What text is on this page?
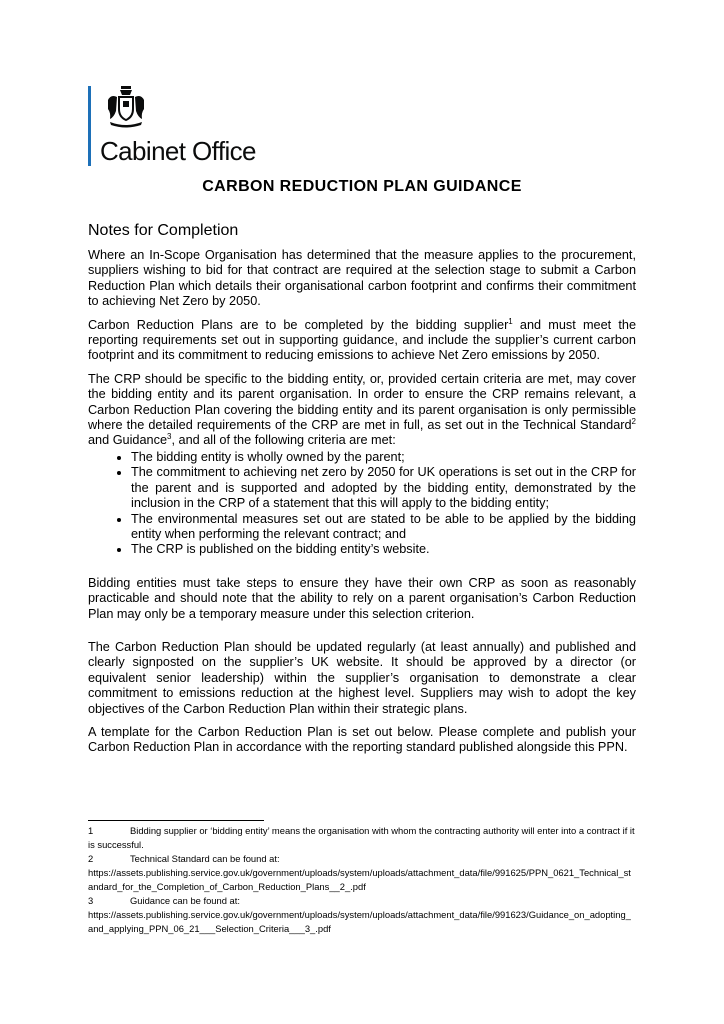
Cabinet Office
CARBON REDUCTION PLAN GUIDANCE
Notes for Completion

Where an In-Scope Organisation has determined that the measure applies to the procurement, suppliers wishing to bid for that contract are required at the selection stage to submit a Carbon Reduction Plan which details their organisational carbon footprint and confirms their commitment to achieving Net Zero by 2050.

Carbon Reduction Plans are to be completed by the bidding supplier$^1$ and must meet the reporting requirements set out in supporting guidance, and include the supplier’s current carbon footprint and its commitment to reducing emissions to achieve Net Zero emissions by 2050.

The CRP should be specific to the bidding entity, or, provided certain criteria are met, may cover the bidding entity and its parent organisation. In order to ensure the CRP remains relevant, a Carbon Reduction Plan covering the bidding entity and its parent organisation is only permissible where the detailed requirements of the CRP are met in full, as set out in the Technical Standard$^2$ and Guidance$^3$, and all of the following criteria are met:

• The bidding entity is wholly owned by the parent;
• The commitment to achieving net zero by 2050 for UK operations is set out in the CRP for the parent and is supported and adopted by the bidding entity, demonstrated by the inclusion in the CRP of a statement that this will apply to the bidding entity;
• The environmental measures set out are stated to be able to be applied by the bidding entity when performing the relevant contract; and
• The CRP is published on the bidding entity’s website.

Bidding entities must take steps to ensure they have their own CRP as soon as reasonably practicable and should note that the ability to rely on a parent organisation’s Carbon Reduction Plan may only be a temporary measure under this selection criterion.

The Carbon Reduction Plan should be updated regularly (at least annually) and published and clearly signposted on the supplier’s UK website. It should be approved by a director (or equivalent senior leadership) within the supplier’s organisation to demonstrate a clear commitment to emissions reduction at the highest level. Suppliers may wish to adopt the key objectives of the Carbon Reduction Plan within their strategic plans.

A template for the Carbon Reduction Plan is set out below. Please complete and publish your Carbon Reduction Plan in accordance with the reporting standard published alongside this PPN.

1	Bidding supplier or ‘bidding entity’ means the organisation with whom the contracting authority will enter into a contract if it is successful.
2	Technical Standard can be found at:
https://assets.publishing.service.gov.uk/government/uploads/system/uploads/attachment_data/file/991625/PPN_0621_Technical_standard_for_the_Completion_of_Carbon_Reduction_Plans__2_.pdf
3	Guidance can be found at:
https://assets.publishing.service.gov.uk/government/uploads/system/uploads/attachment_data/file/991623/Guidance_on_adopting_and_applying_PPN_06_21___Selection_Criteria___3_.pdf
